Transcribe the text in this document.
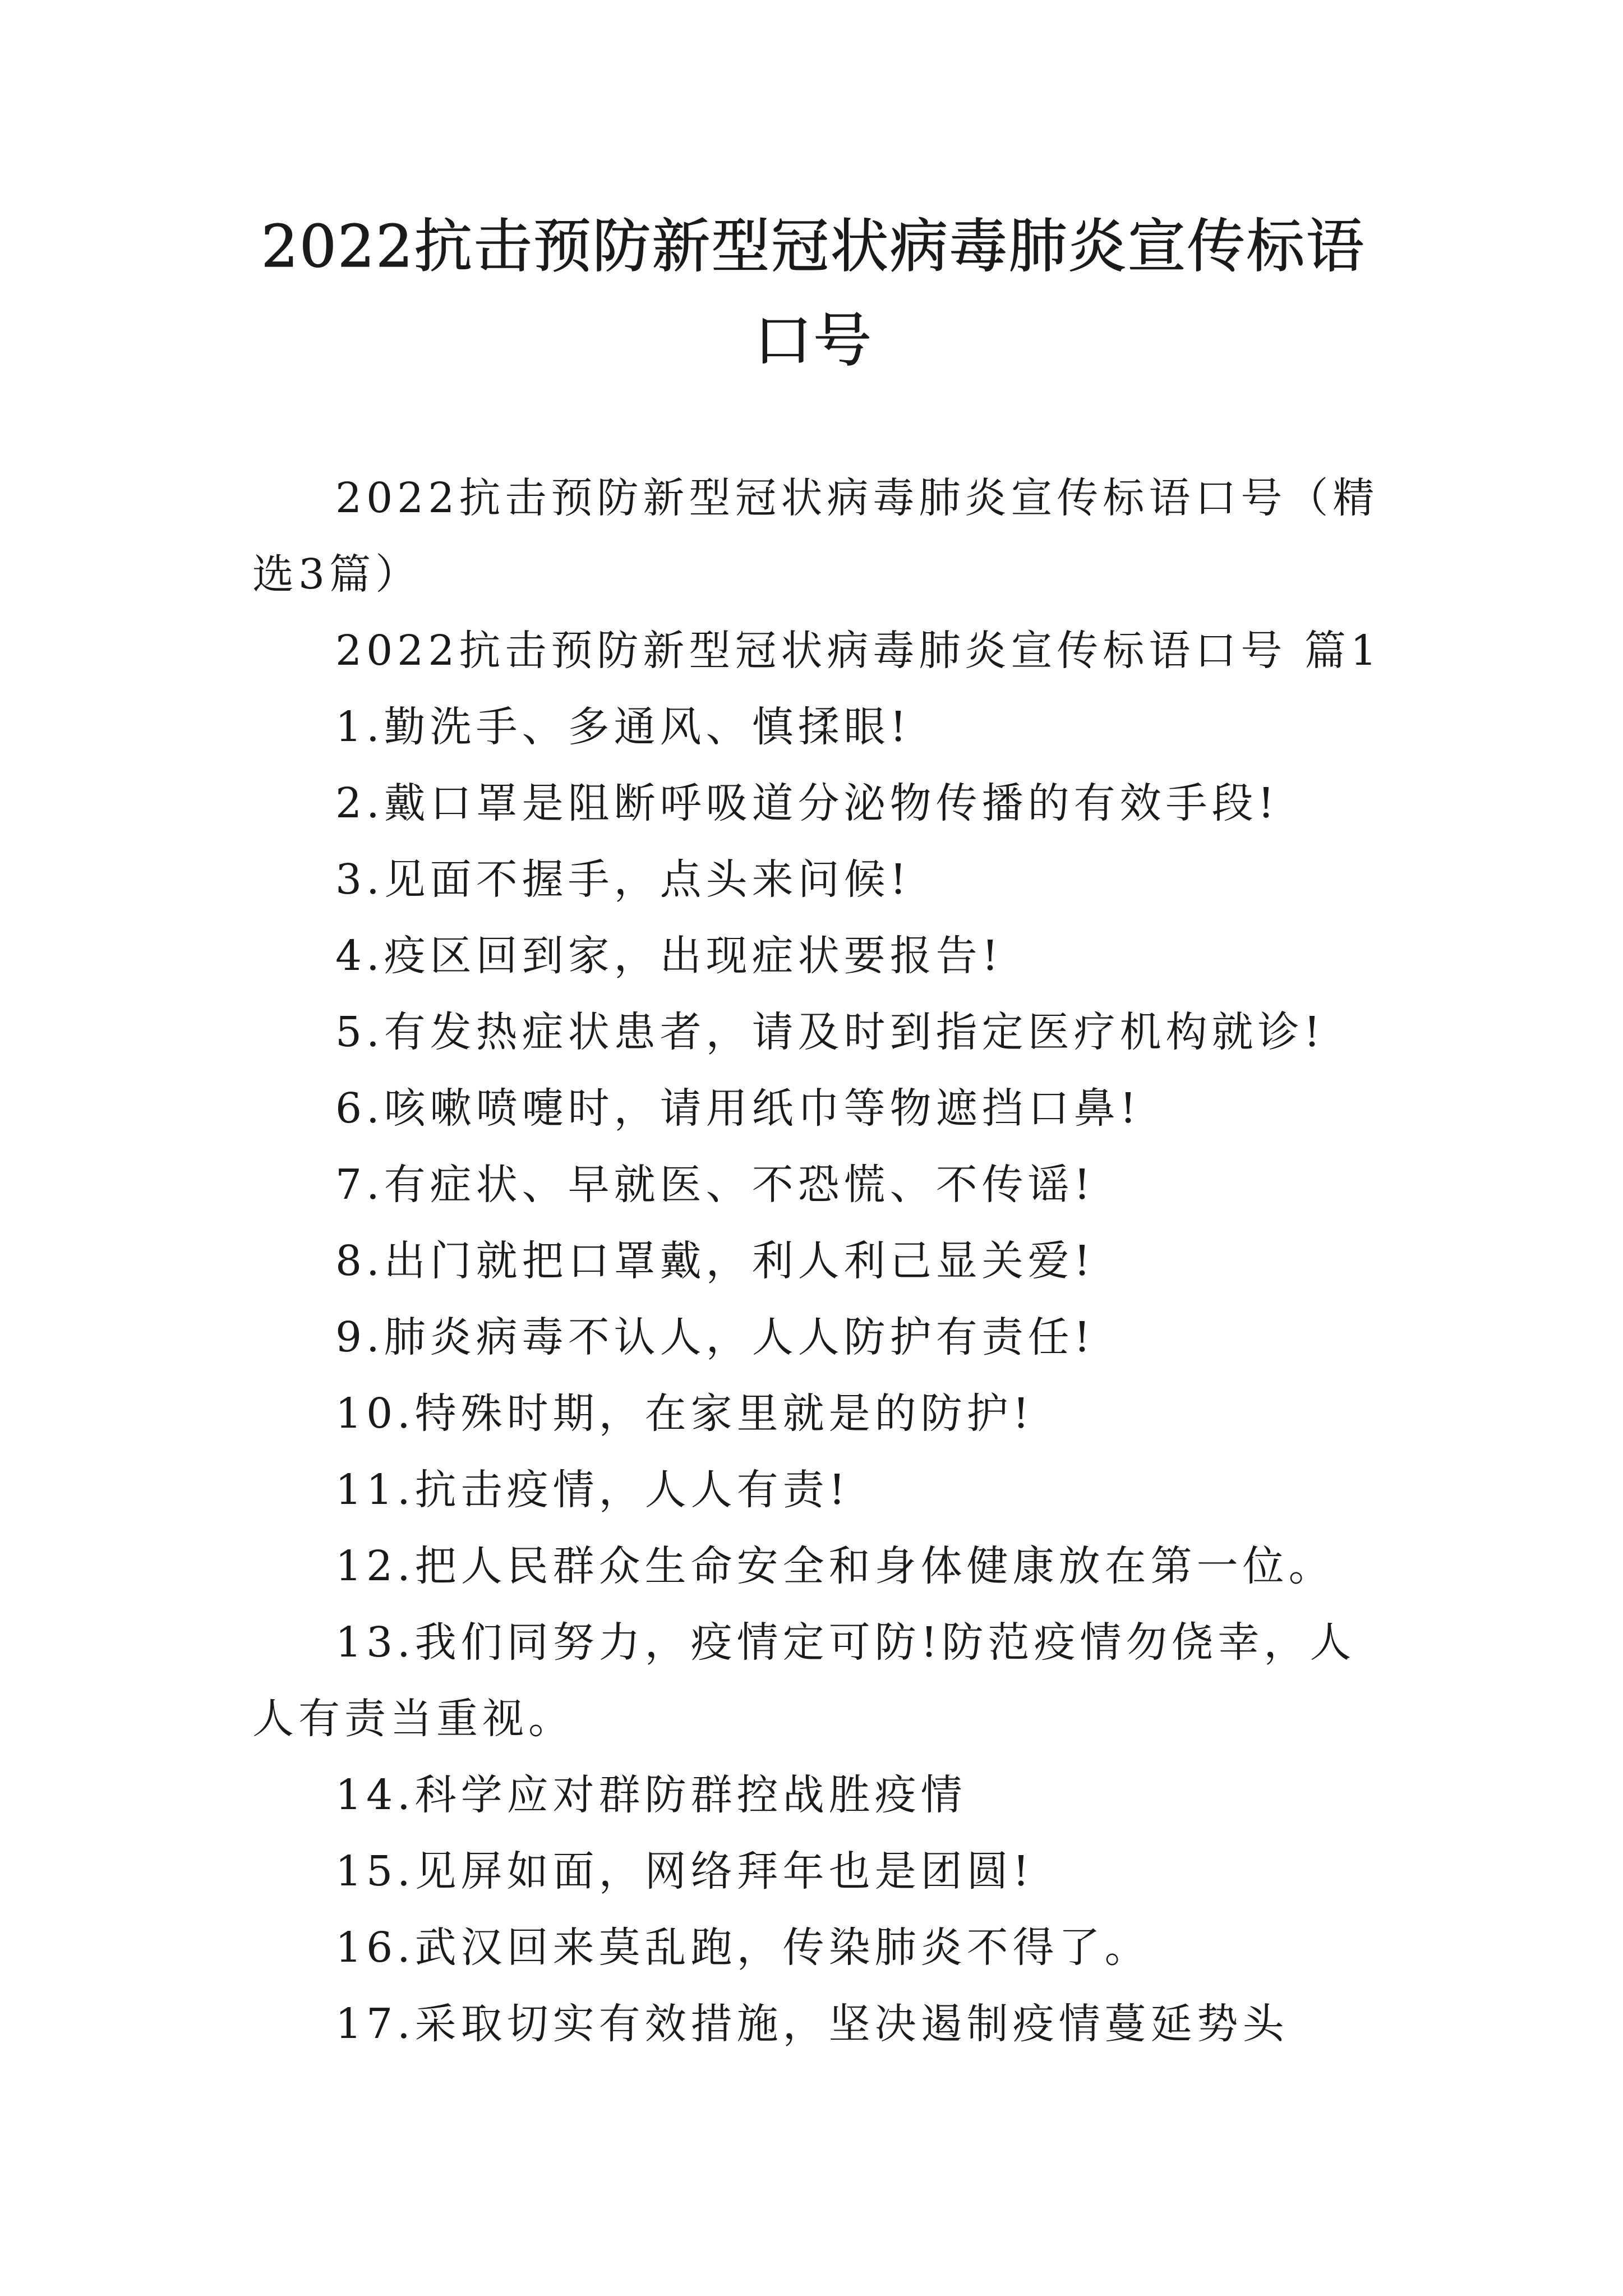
2022抗击预防新型冠状病毒肺炎宣传标语口号

2022抗击预防新型冠状病毒肺炎宣传标语口号（精选3篇）

2022抗击预防新型冠状病毒肺炎宣传标语口号 篇1

1.勤洗手、多通风、慎揉眼!

2.戴口罩是阻断呼吸道分泌物传播的有效手段!

3.见面不握手，点头来问候!

4.疫区回到家，出现症状要报告!

5.有发热症状患者，请及时到指定医疗机构就诊!

6.咳嗽喷嚏时，请用纸巾等物遮挡口鼻!

7.有症状、早就医、不恐慌、不传谣!

8.出门就把口罩戴，利人利己显关爱!

9.肺炎病毒不认人，人人防护有责任!

10.特殊时期，在家里就是的防护!

11.抗击疫情，人人有责!

12.把人民群众生命安全和身体健康放在第一位。

13.我们同努力，疫情定可防!防范疫情勿侥幸，人人有责当重视。

14.科学应对群防群控战胜疫情

15.见屏如面，网络拜年也是团圆!

16.武汉回来莫乱跑，传染肺炎不得了。

17.采取切实有效措施，坚决遏制疫情蔓延势头
